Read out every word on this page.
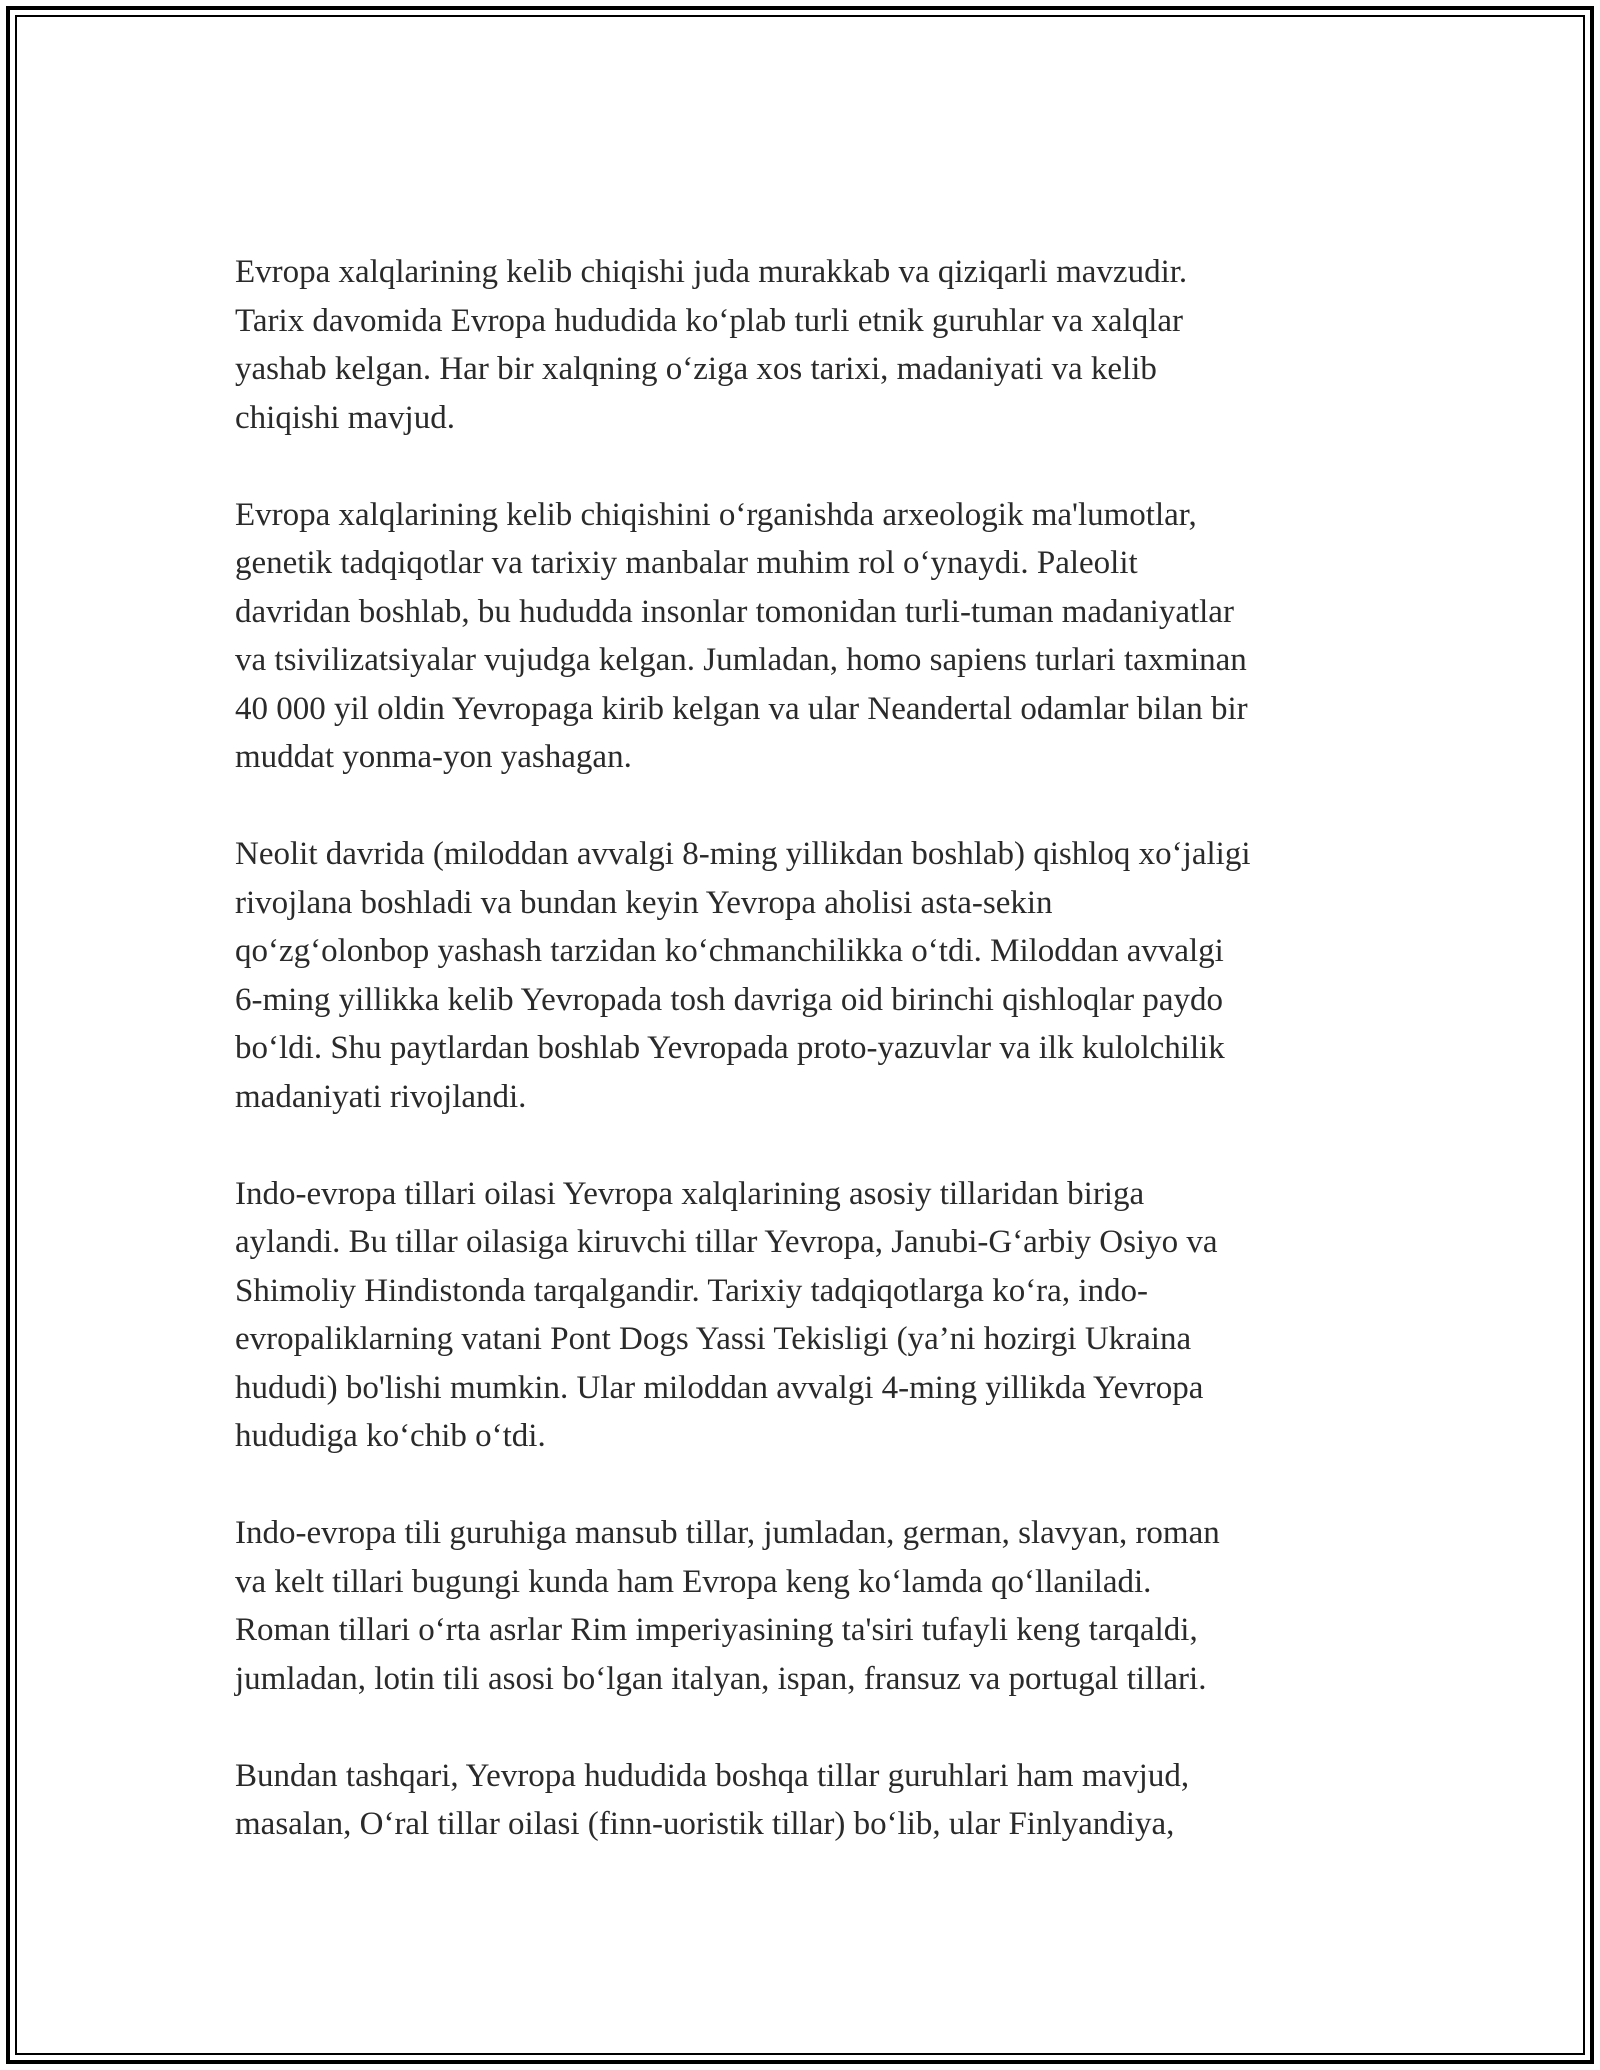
Evropa xalqlarining kelib chiqishi juda murakkab va qiziqarli mavzudir.
Tarix davomida Evropa hududida ko‘plab turli etnik guruhlar va xalqlar
yashab kelgan. Har bir xalqning o‘ziga xos tarixi, madaniyati va kelib
chiqishi mavjud.

Evropa xalqlarining kelib chiqishini o‘rganishda arxeologik ma'lumotlar,
genetik tadqiqotlar va tarixiy manbalar muhim rol o‘ynaydi. Paleolit
davridan boshlab, bu hududda insonlar tomonidan turli-tuman madaniyatlar
va tsivilizatsiyalar vujudga kelgan. Jumladan, homo sapiens turlari taxminan
40 000 yil oldin Yevropaga kirib kelgan va ular Neandertal odamlar bilan bir
muddat yonma-yon yashagan.

Neolit davrida (miloddan avvalgi 8-ming yillikdan boshlab) qishloq xo‘jaligi
rivojlana boshladi va bundan keyin Yevropa aholisi asta-sekin
qo‘zg‘olonbop yashash tarzidan ko‘chmanchilikka o‘tdi. Miloddan avvalgi
6-ming yillikka kelib Yevropada tosh davriga oid birinchi qishloqlar paydo
bo‘ldi. Shu paytlardan boshlab Yevropada proto-yazuvlar va ilk kulolchilik
madaniyati rivojlandi.

Indo-evropa tillari oilasi Yevropa xalqlarining asosiy tillaridan biriga
aylandi. Bu tillar oilasiga kiruvchi tillar Yevropa, Janubi-G‘arbiy Osiyo va
Shimoliy Hindistonda tarqalgandir. Tarixiy tadqiqotlarga ko‘ra, indo-
evropaliklarning vatani Pont Dogs Yassi Tekisligi (ya’ni hozirgi Ukraina
hududi) bo'lishi mumkin. Ular miloddan avvalgi 4-ming yillikda Yevropa
hududiga ko‘chib o‘tdi.

Indo-evropa tili guruhiga mansub tillar, jumladan, german, slavyan, roman
va kelt tillari bugungi kunda ham Evropa keng ko‘lamda qo‘llaniladi.
Roman tillari o‘rta asrlar Rim imperiyasining ta'siri tufayli keng tarqaldi,
jumladan, lotin tili asosi bo‘lgan italyan, ispan, fransuz va portugal tillari.

Bundan tashqari, Yevropa hududida boshqa tillar guruhlari ham mavjud,
masalan, O‘ral tillar oilasi (finn-uoristik tillar) bo‘lib, ular Finlyandiya,
